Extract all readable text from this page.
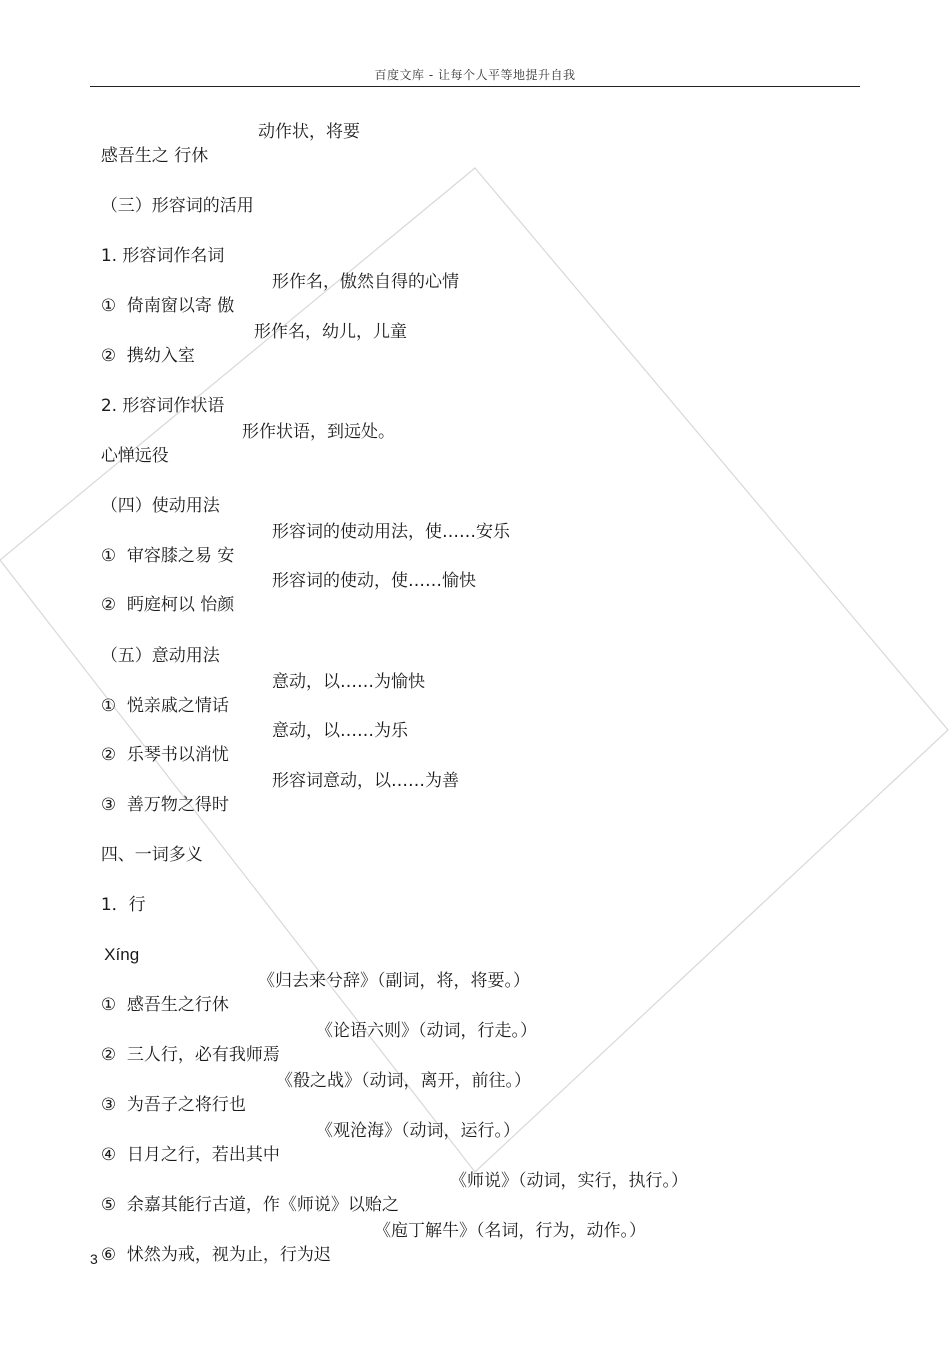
百度文库 - 让每个人平等地提升自我

感吾生之 行休

动作状，将要

（三）形容词的活用

1. 形容词作名词

①  倚南窗以寄 傲

形作名，傲然自得的心情

②  携幼入室

形作名，幼儿，儿童

2. 形容词作状语

心惮远役

形作状语，到远处。

（四）使动用法

①  审容膝之易 安

形容词的使动用法，使……安乐

②  眄庭柯以 怡颜

形容词的使动，使……愉快

（五）意动用法

①  悦亲戚之情话

意动，以……为愉快

②  乐琴书以消忧

意动，以……为乐

③  善万物之得时

形容词意动，以……为善

四、一词多义

1．行

Xíng

①  感吾生之行休

《归去来兮辞》（副词，将，将要。）

②  三人行，必有我师焉

《论语六则》（动词，行走。）

③  为吾子之将行也

《殽之战》（动词，离开，前往。）

④  日月之行，若出其中

《观沧海》（动词，运行。）

⑤  余嘉其能行古道，作《师说》以贻之

《师说》（动词，实行，执行。）

⑥  怵然为戒，视为止，行为迟

《庖丁解牛》（名词，行为，动作。）

3
